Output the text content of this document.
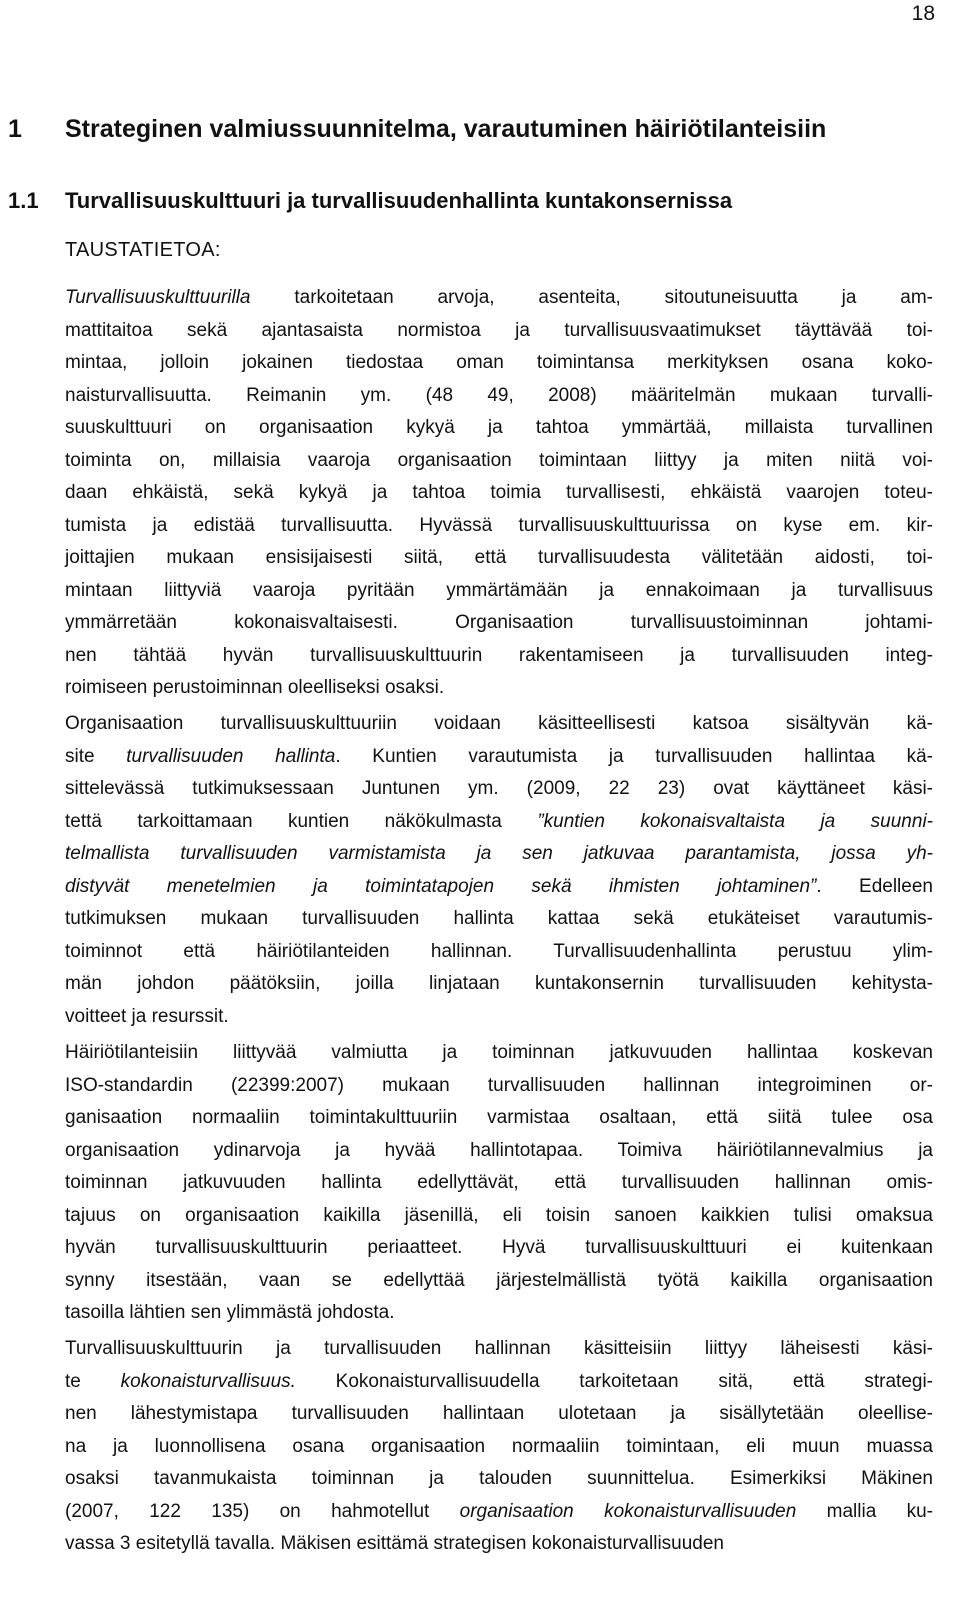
18
1 Strateginen valmiussuunnitelma, varautuminen häiriötilanteisiin
1.1 Turvallisuuskulttuuri ja turvallisuudenhallinta kuntakonsernissa
TAUSTATIETOA:
Turvallisuuskulttuurilla tarkoitetaan arvoja, asenteita, sitoutuneisuutta ja am-
mattitaitoa sekä ajantasaista normistoa ja turvallisuusvaatimukset täyttävää toi-
mintaa, jolloin jokainen tiedostaa oman toimintansa merkityksen osana koko-
naisturvallisuutta. Reimanin ym. (48 49, 2008) määritelmän mukaan turvalli-
suuskulttuuri on organisaation kykyä ja tahtoa ymmärtää, millaista turvallinen
toiminta on, millaisia vaaroja organisaation toimintaan liittyy ja miten niitä voi-
daan ehkäistä, sekä kykyä ja tahtoa toimia turvallisesti, ehkäistä vaarojen toteu-
tumista ja edistää turvallisuutta. Hyvässä turvallisuuskulttuurissa on kyse em. kir-
joittajien mukaan ensisijaisesti siitä, että turvallisuudesta välitetään aidosti, toi-
mintaan liittyviä vaaroja pyritään ymmärtämään ja ennakoimaan ja turvallisuus
ymmärretään kokonaisvaltaisesti. Organisaation turvallisuustoiminnan johtami-
nen tähtää hyvän turvallisuuskulttuurin rakentamiseen ja turvallisuuden integ-
roimiseen perustoiminnan oleelliseksi osaksi.
Organisaation turvallisuuskulttuuriin voidaan käsitteellisesti katsoa sisältyvän kä-
site turvallisuuden hallinta. Kuntien varautumista ja turvallisuuden hallintaa kä-
sittelevässä tutkimuksessaan Juntunen ym. (2009, 22 23) ovat käyttäneet käsi-
tettä tarkoittamaan kuntien näkökulmasta ”kuntien kokonaisvaltaista ja suunni-
telmallista turvallisuuden varmistamista ja sen jatkuvaa parantamista, jossa yh-
distyvät menetelmien ja toimintatapojen sekä ihmisten johtaminen”. Edelleen
tutkimuksen mukaan turvallisuuden hallinta kattaa sekä etukäteiset varautumis-
toiminnot että häiriötilanteiden hallinnan. Turvallisuudenhallinta perustuu ylim-
män johdon päätöksiin, joilla linjataan kuntakonsernin turvallisuuden kehitysta-
voitteet ja resurssit.
Häiriötilanteisiin liittyvää valmiutta ja toiminnan jatkuvuuden hallintaa koskevan
ISO-standardin (22399:2007) mukaan turvallisuuden hallinnan integroiminen or-
ganisaation normaaliin toimintakulttuuriin varmistaa osaltaan, että siitä tulee osa
organisaation ydinarvoja ja hyvää hallintotapaa. Toimiva häiriötilannevalmius ja
toiminnan jatkuvuuden hallinta edellyttävät, että turvallisuuden hallinnan omis-
tajuus on organisaation kaikilla jäsenillä, eli toisin sanoen kaikkien tulisi omaksua
hyvän turvallisuuskulttuurin periaatteet. Hyvä turvallisuuskulttuuri ei kuitenkaan
synny itsestään, vaan se edellyttää järjestelmällistä työtä kaikilla organisaation
tasoilla lähtien sen ylimmästä johdosta.
Turvallisuuskulttuurin ja turvallisuuden hallinnan käsitteisiin liittyy läheisesti käsi-
te kokonaisturvallisuus. Kokonaisturvallisuudella tarkoitetaan sitä, että strategi-
nen lähestymistapa turvallisuuden hallintaan ulotetaan ja sisällytetään oleellise-
na ja luonnollisena osana organisaation normaaliin toimintaan, eli muun muassa
osaksi tavanmukaista toiminnan ja talouden suunnittelua. Esimerkiksi Mäkinen
(2007, 122 135) on hahmotellut organisaation kokonaisturvallisuuden mallia ku-
vassa 3 esitetyllä tavalla. Mäkisen esittämä strategisen kokonaisturvallisuuden
